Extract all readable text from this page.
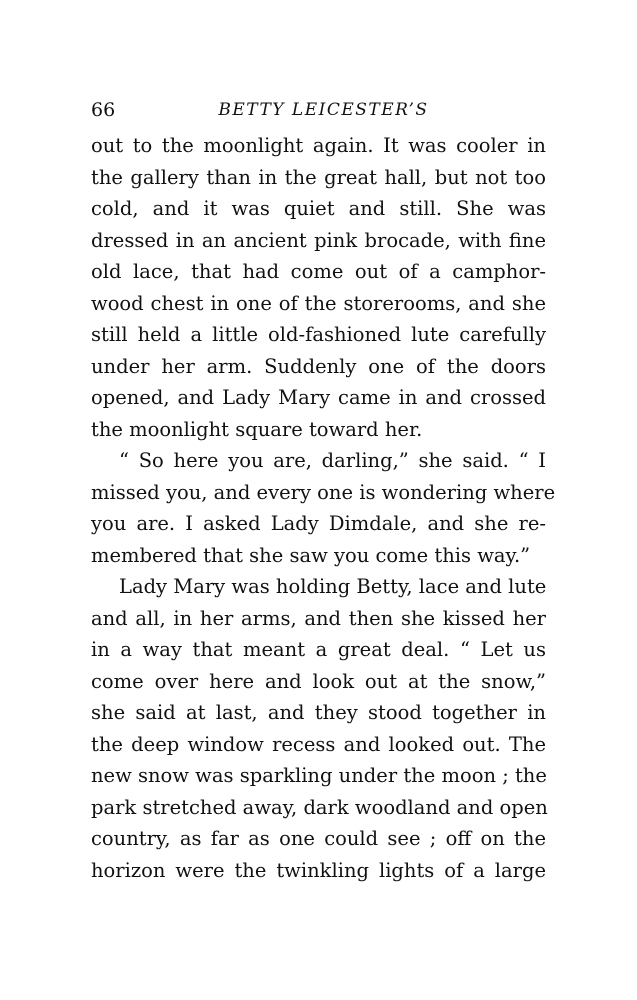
66	BETTY LEICESTER’S
out to the moonlight again. It was cooler in
the gallery than in the great hall, but not too
cold, and it was quiet and still. She was
dressed in an ancient pink brocade, with fine
old lace, that had come out of a camphor-
wood chest in one of the storerooms, and she
still held a little old-fashioned lute carefully
under her arm. Suddenly one of the doors
opened, and Lady Mary came in and crossed
the moonlight square toward her.
“ So here you are, darling,” she said. “ I
missed you, and every one is wondering where
you are. I asked Lady Dimdale, and she re-
membered that she saw you come this way.”
Lady Mary was holding Betty, lace and lute
and all, in her arms, and then she kissed her
in a way that meant a great deal. “ Let us
come over here and look out at the snow,”
she said at last, and they stood together in
the deep window recess and looked out. The
new snow was sparkling under the moon ; the
park stretched away, dark woodland and open
country, as far as one could see ; off on the
horizon were the twinkling lights of a large
